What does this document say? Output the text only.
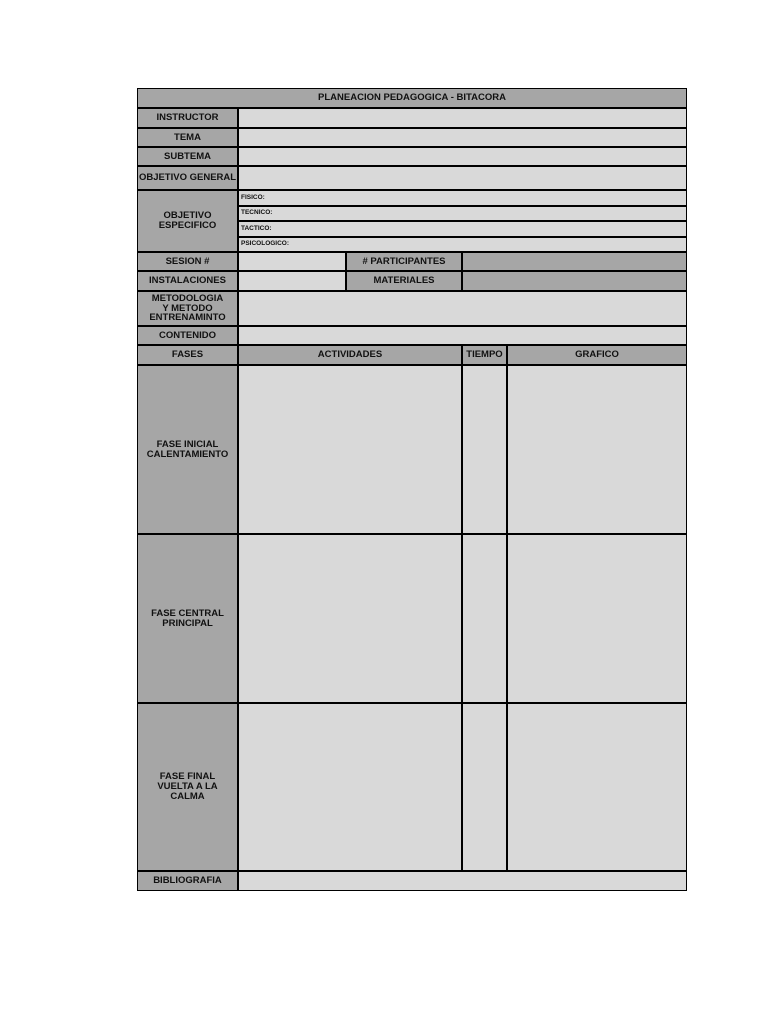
PLANEACION PEDAGOGICA - BITACORA
INSTRUCTOR
TEMA
SUBTEMA
OBJETIVO GENERAL
OBJETIVO ESPECIFICO
FISICO:
TECNICO:
TACTICO:
PSICOLOGICO:
SESION #	# PARTICIPANTES
INSTALACIONES	MATERIALES
METODOLOGIA Y METODO ENTRENAMINTO
CONTENIDO
FASES	ACTIVIDADES	TIEMPO	GRAFICO
FASE INICIAL CALENTAMIENTO
FASE CENTRAL PRINCIPAL
FASE FINAL VUELTA A LA CALMA
BIBLIOGRAFIA
